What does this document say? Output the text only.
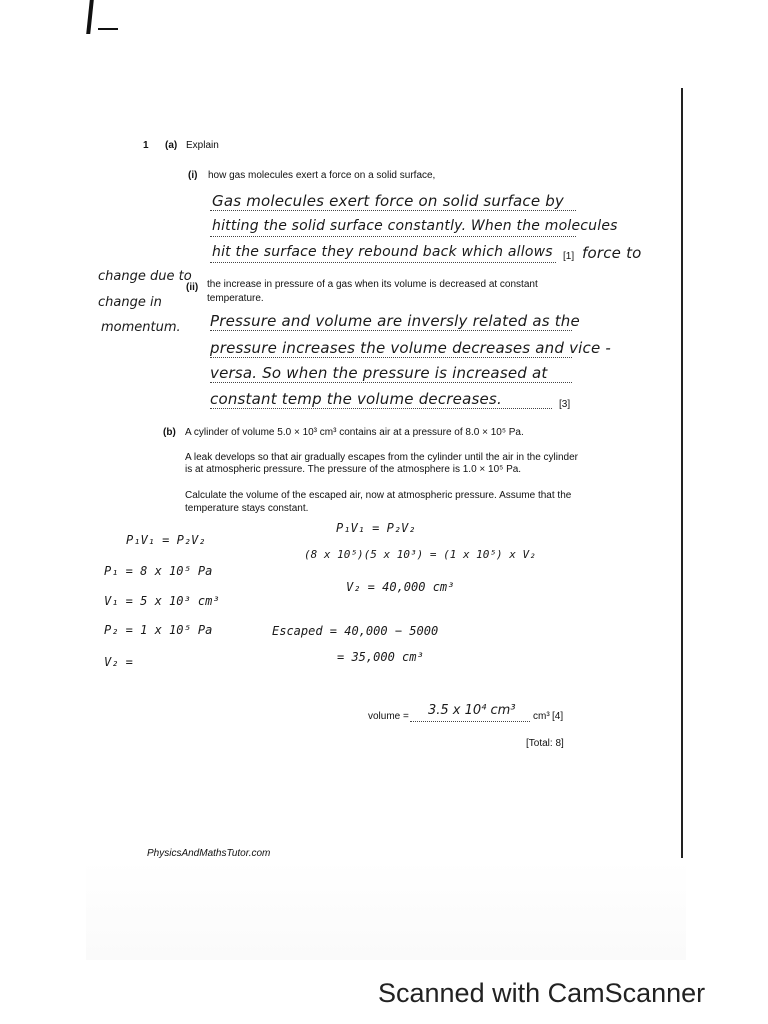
1 (a) Explain
(i) how gas molecules exert a force on a solid surface,
Gas molecules exert force on solid surface by
hitting the solid surface constantly. When the molecules
hit the surface they rebound back which allows [1] force to
change due to
change in
momentum.
(ii) the increase in pressure of a gas when its volume is decreased at constant
temperature.
Pressure and volume are inversly related as the
pressure increases the volume decreases and vice -
versa. So when the pressure is increased at
constant temp the volume decreases.	[3]
(b) A cylinder of volume 5.0 × 10³ cm³ contains air at a pressure of 8.0 × 10⁵ Pa.
A leak develops so that air gradually escapes from the cylinder until the air in the cylinder
is at atmospheric pressure. The pressure of the atmosphere is 1.0 × 10⁵ Pa.
Calculate the volume of the escaped air, now at atmospheric pressure. Assume that the
temperature stays constant.
P₁V₁ = P₂V₂
P₁ = 8 x 10⁵ Pa
V₁ = 5 x 10³ cm³
P₂ = 1 x 10⁵ Pa
V₂ =
P₁V₁ = P₂V₂
(8 x 10⁵)(5 x 10³) = (1 x 10⁵) x V₂
V₂ = 40,000 cm³
Escaped = 40,000 − 5000
= 35,000 cm³
volume = 3.5 x 10⁴ cm³ cm³ [4]
[Total: 8]
PhysicsAndMathsTutor.com
Scanned with CamScanner
